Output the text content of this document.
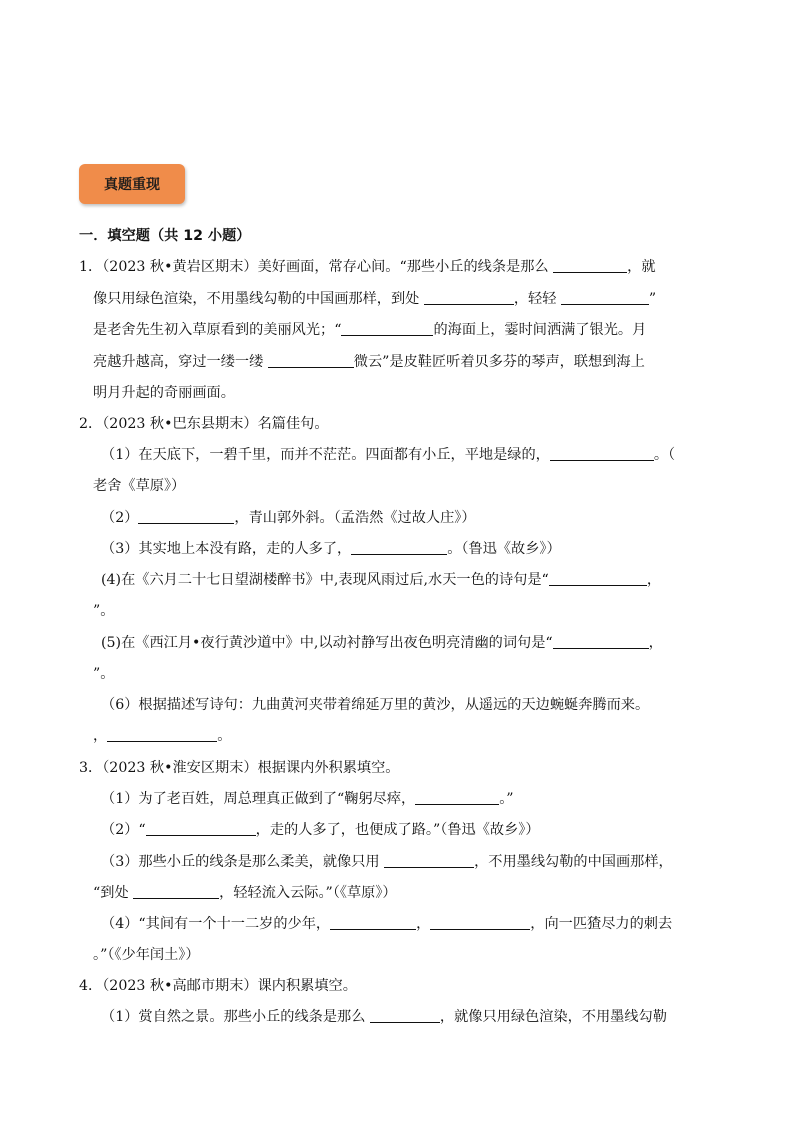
真题重现
一．填空题（共 12 小题）
1．（2023 秋•黄岩区期末）美好画面，常存心间。“那些小丘的线条是那么	，就
像只用绿色渲染，不用墨线勾勒的中国画那样，到处	，轻轻	”
是老舍先生初入草原看到的美丽风光；“	的海面上，霎时间洒满了银光。月
亮越升越高，穿过一缕一缕	微云”是皮鞋匠听着贝多芬的琴声，联想到海上
明月升起的奇丽画面。
2．（2023 秋•巴东县期末）名篇佳句。
（1）在天底下，一碧千里，而并不茫茫。四面都有小丘，平地是绿的，	。（
老舍《草原》）
（2）	，青山郭外斜。（孟浩然《过故人庄》）
（3）其实地上本没有路，走的人多了，	。（鲁迅《故乡》）
(4)在《六月二十七日望湖楼醉书》中,表现风雨过后,水天一色的诗句是“	，
”。
(5)在《西江月•夜行黄沙道中》中,以动衬静写出夜色明亮清幽的词句是“	，
”。
（6）根据描述写诗句：九曲黄河夹带着绵延万里的黄沙，从遥远的天边蜿蜒奔腾而来。
，	。
3．（2023 秋•淮安区期末）根据课内外积累填空。
（1）为了老百姓，周总理真正做到了“鞠躬尽瘁，	。”
（2）“	，走的人多了，也便成了路。”（鲁迅《故乡》）
（3）那些小丘的线条是那么柔美，就像只用	，不用墨线勾勒的中国画那样，
“到处	，轻轻流入云际。”（《草原》）
（4）“其间有一个十一二岁的少年，	，	，向一匹猹尽力的刺去
。”（《少年闰土》）
4．（2023 秋•高邮市期末）课内积累填空。
（1）赏自然之景。那些小丘的线条是那么	，就像只用绿色渲染，不用墨线勾勒
